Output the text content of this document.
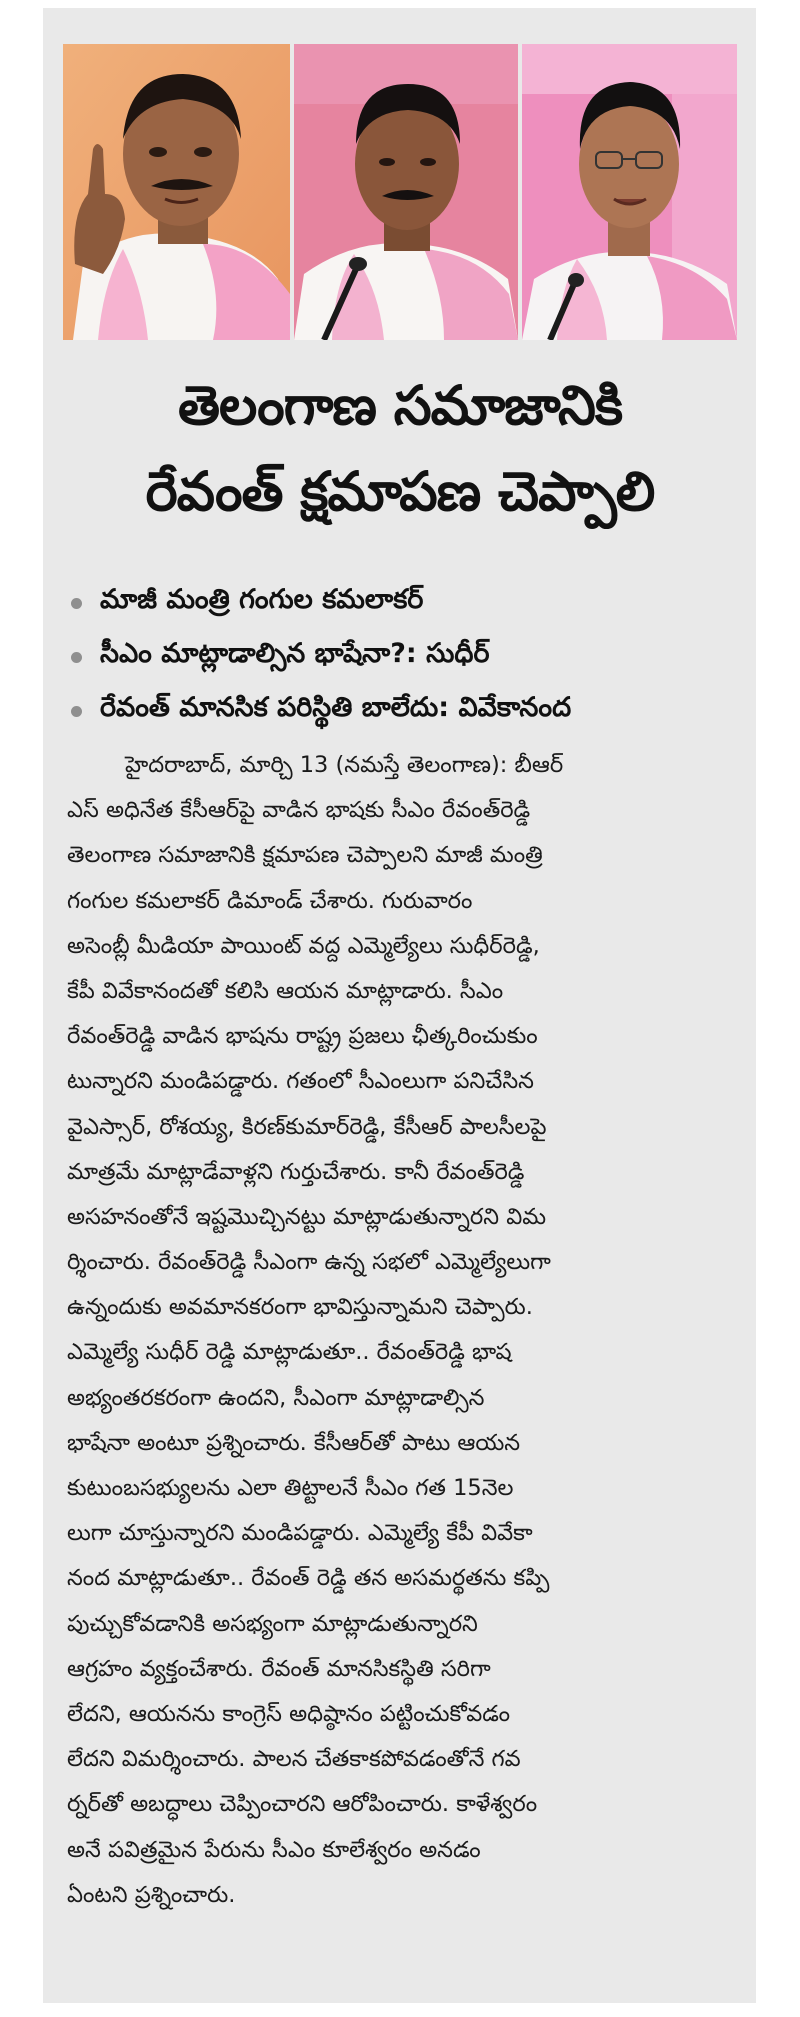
తెలంగాణ సమాజానికి
రేవంత్ క్షమాపణ చెప్పాలి
మాజీ మంత్రి గంగుల కమలాకర్
సీఎం మాట్లాడాల్సిన భాషేనా?: సుధీర్
రేవంత్ మానసిక పరిస్థితి బాలేదు: వివేకానంద
హైదరాబాద్, మార్చి 13 (నమస్తే తెలంగాణ): బీఆర్
ఎస్ అధినేత కేసీఆర్‌పై వాడిన భాషకు సీఎం రేవంత్‌రెడ్డి
తెలంగాణ సమాజానికి క్షమాపణ చెప్పాలని మాజీ మంత్రి
గంగుల కమలాకర్ డిమాండ్ చేశారు. గురువారం
అసెంబ్లీ మీడియా పాయింట్ వద్ద ఎమ్మెల్యేలు సుధీర్‌రెడ్డి,
కేపీ వివేకానందతో కలిసి ఆయన మాట్లాడారు. సీఎం
రేవంత్‌రెడ్డి వాడిన భాషను రాష్ట్ర ప్రజలు ఛీత్కరించుకుం
టున్నారని మండిపడ్డారు. గతంలో సీఎంలుగా పనిచేసిన
వైఎస్సార్, రోశయ్య, కిరణ్‌కుమార్‌రెడ్డి, కేసీఆర్ పాలసీలపై
మాత్రమే మాట్లాడేవాళ్లని గుర్తుచేశారు. కానీ రేవంత్‌రెడ్డి
అసహనంతోనే ఇష్టమొచ్చినట్టు మాట్లాడుతున్నారని విమ
ర్శించారు. రేవంత్‌రెడ్డి సీఎంగా ఉన్న సభలో ఎమ్మెల్యేలుగా
ఉన్నందుకు అవమానకరంగా భావిస్తున్నామని చెప్పారు.
ఎమ్మెల్యే సుధీర్ రెడ్డి మాట్లాడుతూ.. రేవంత్‌రెడ్డి భాష
అభ్యంతరకరంగా ఉందని, సీఎంగా మాట్లాడాల్సిన
భాషేనా అంటూ ప్రశ్నించారు. కేసీఆర్‌తో పాటు ఆయన
కుటుంబసభ్యులను ఎలా తిట్టాలనే సీఎం గత 15నెల
లుగా చూస్తున్నారని మండిపడ్డారు. ఎమ్మెల్యే కేపీ వివేకా
నంద మాట్లాడుతూ.. రేవంత్ రెడ్డి తన అసమర్థతను కప్పి
పుచ్చుకోవడానికి అసభ్యంగా మాట్లాడుతున్నారని
ఆగ్రహం వ్యక్తంచేశారు. రేవంత్ మానసికస్థితి సరిగా
లేదని, ఆయనను కాంగ్రెస్ అధిష్ఠానం పట్టించుకోవడం
లేదని విమర్శించారు. పాలన చేతకాకపోవడంతోనే గవ
ర్నర్‌తో అబద్ధాలు చెప్పించారని ఆరోపించారు. కాళేశ్వరం
అనే పవిత్రమైన పేరును సీఎం కూలేశ్వరం అనడం
ఏంటని ప్రశ్నించారు.
